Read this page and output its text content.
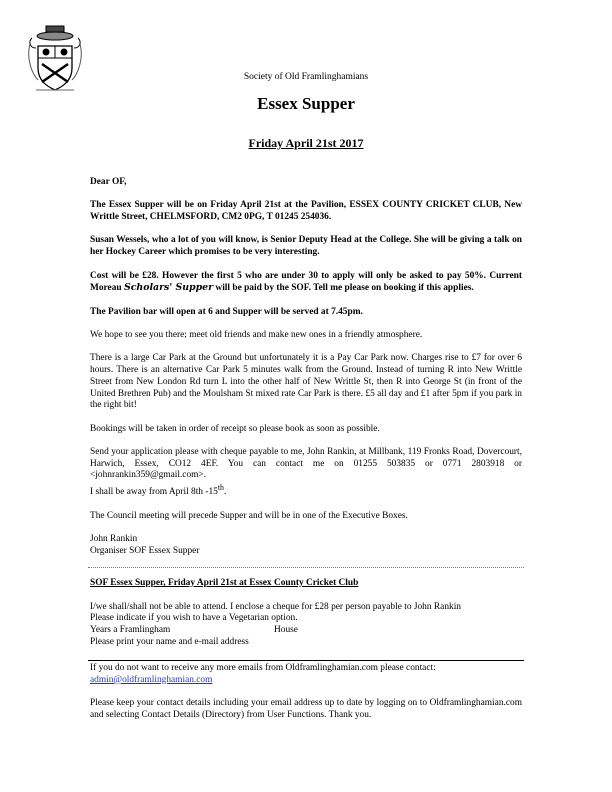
Society of Old Framlinghamians
Essex Supper
Friday April 21st 2017

Dear OF,

The Essex Supper will be on Friday April 21st at the Pavilion, ESSEX COUNTY CRICKET CLUB, New Writtle Street, CHELMSFORD, CM2 0PG, T 01245 254036.

Susan Wessels, who a lot of you will know, is Senior Deputy Head at the College. She will be giving a talk on her Hockey Career which promises to be very interesting.

Cost will be £28. However the first 5 who are under 30 to apply will only be asked to pay 50%. Current Moreau Scholars' Supper will be paid by the SOF. Tell me please on booking if this applies.

The Pavilion bar will open at 6 and Supper will be served at 7.45pm.

We hope to see you there; meet old friends and make new ones in a friendly atmosphere.

There is a large Car Park at the Ground but unfortunately it is a Pay Car Park now. Charges rise to £7 for over 6 hours. There is an alternative Car Park 5 minutes walk from the Ground. Instead of turning R into New Writtle Street from New London Rd turn L into the other half of New Writtle St, then R into George St (in front of the United Brethren Pub) and the Moulsham St mixed rate Car Park is there. £5 all day and £1 after 5pm if you park in the right bit!

Bookings will be taken in order of receipt so please book as soon as possible.

Send your application please with cheque payable to me, John Rankin, at Millbank, 119 Fronks Road, Dovercourt, Harwich, Essex, CO12 4EF. You can contact me on 01255 503835 or 0771 2803918 or <johnrankin359@gmail.com>.
I shall be away from April 8th -15th.

The Council meeting will precede Supper and will be in one of the Executive Boxes.

John Rankin
Organiser SOF Essex Supper

SOF Essex Supper, Friday April 21st at Essex County Cricket Club

I/we shall/shall not be able to attend. I enclose a cheque for £28 per person payable to John Rankin

Please indicate if you wish to have a Vegetarian option.

Years a Framlingham	House

Please print your name and e-mail address

If you do not want to receive any more emails from Oldframlinghamian.com please contact:
admin@oldframlinghamian.com

Please keep your contact details including your email address up to date by logging on to Oldframlinghamian.com and selecting Contact Details (Directory) from User Functions. Thank you.
